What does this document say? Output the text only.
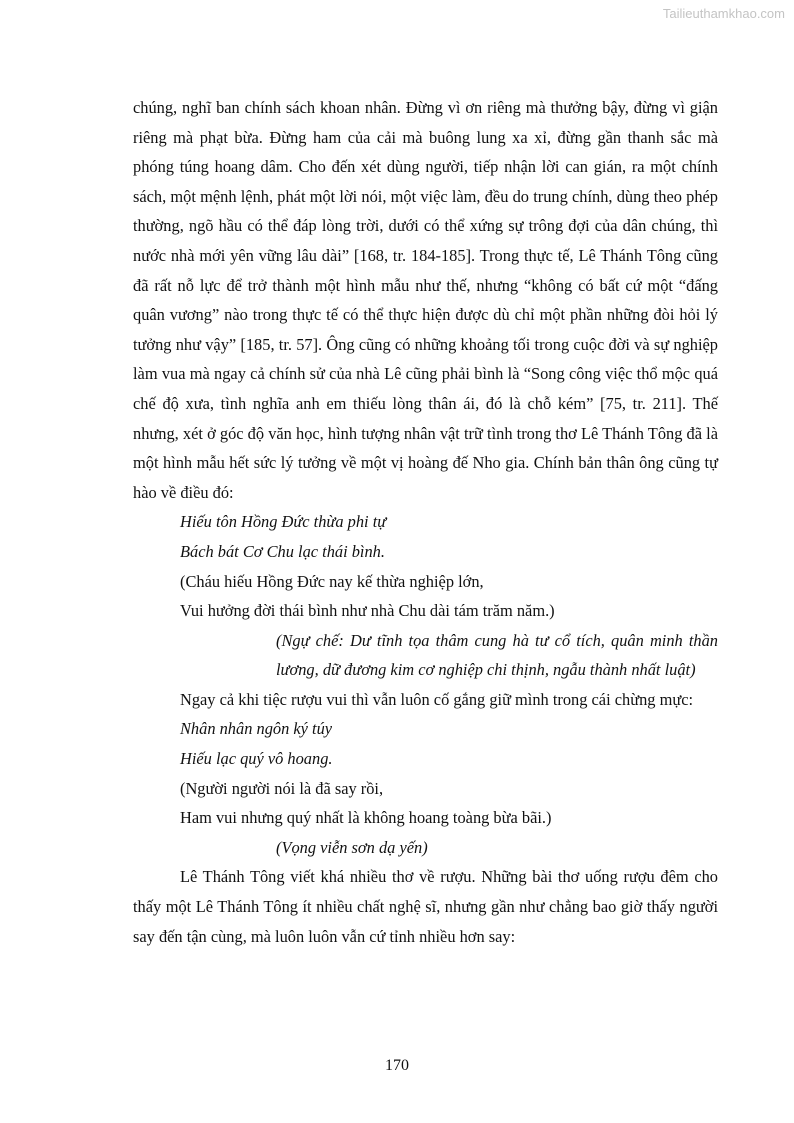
Tailieuthamkhao.com

chúng, nghĩ ban chính sách khoan nhân. Đừng vì ơn riêng mà thưởng bậy, đừng vì giận riêng mà phạt bừa. Đừng ham của cải mà buông lung xa xỉ, đừng gần thanh sắc mà phóng túng hoang dâm. Cho đến xét dùng người, tiếp nhận lời can gián, ra một chính sách, một mệnh lệnh, phát một lời nói, một việc làm, đều do trung chính, dùng theo phép thường, ngõ hầu có thể đáp lòng trời, dưới có thể xứng sự trông đợi của dân chúng, thì nước nhà mới yên vững lâu dài” [168, tr. 184-185]. Trong thực tế, Lê Thánh Tông cũng đã rất nỗ lực để trở thành một hình mẫu như thế, nhưng “không có bất cứ một “đấng quân vương” nào trong thực tế có thể thực hiện được dù chỉ một phần những đòi hỏi lý tưởng như vậy” [185, tr. 57]. Ông cũng có những khoảng tối trong cuộc đời và sự nghiệp làm vua mà ngay cả chính sử của nhà Lê cũng phải bình là “Song công việc thổ mộc quá chế độ xưa, tình nghĩa anh em thiếu lòng thân ái, đó là chỗ kém” [75, tr. 211]. Thế nhưng, xét ở góc độ văn học, hình tượng nhân vật trữ tình trong thơ Lê Thánh Tông đã là một hình mẫu hết sức lý tưởng về một vị hoàng đế Nho gia. Chính bản thân ông cũng tự hào về điều đó:

Hiếu tôn Hồng Đức thừa phi tự

Bách bát Cơ Chu lạc thái bình.

(Cháu hiếu Hồng Đức nay kế thừa nghiệp lớn,

Vui hưởng đời thái bình như nhà Chu dài tám trăm năm.)

(Ngự chế: Dư tĩnh tọa thâm cung hà tư cổ tích, quân minh thần lương, dữ đương kim cơ nghiệp chi thịnh, ngẫu thành nhất luật)

Ngay cả khi tiệc rượu vui thì vẫn luôn cố gắng giữ mình trong cái chừng mực:

Nhân nhân ngôn ký túy

Hiếu lạc quý vô hoang.

(Người người nói là đã say rồi,

Ham vui nhưng quý nhất là không hoang toàng bừa bãi.)

(Vọng viễn sơn dạ yến)

Lê Thánh Tông viết khá nhiều thơ về rượu. Những bài thơ uống rượu đêm cho thấy một Lê Thánh Tông ít nhiều chất nghệ sĩ, nhưng gần như chẳng bao giờ thấy người say đến tận cùng, mà luôn luôn vẫn cứ tỉnh nhiều hơn say:

170
